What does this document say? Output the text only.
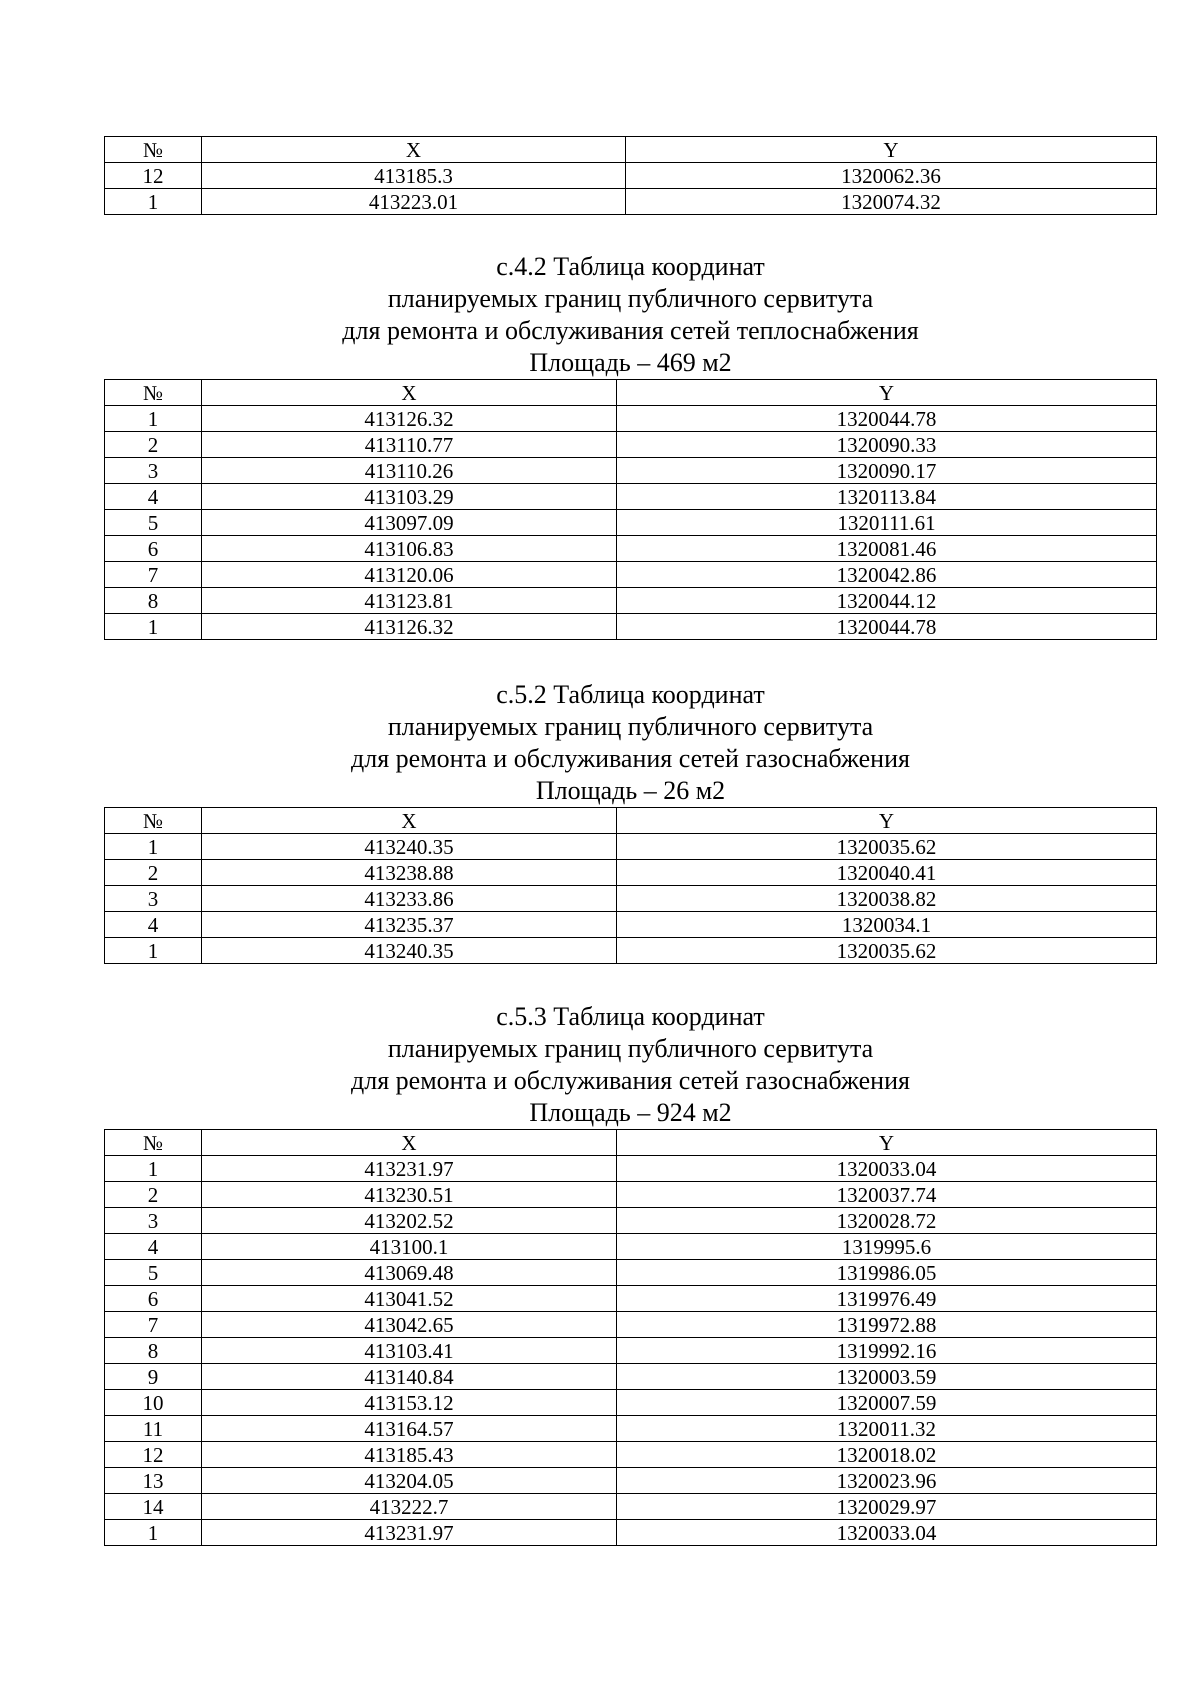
№	X	Y
12	413185.3	1320062.36
1	413223.01	1320074.32
с.4.2 Таблица координат
планируемых границ публичного сервитута
для ремонта и обслуживания сетей теплоснабжения
Площадь – 469 м2
№	X	Y
1	413126.32	1320044.78
2	413110.77	1320090.33
3	413110.26	1320090.17
4	413103.29	1320113.84
5	413097.09	1320111.61
6	413106.83	1320081.46
7	413120.06	1320042.86
8	413123.81	1320044.12
1	413126.32	1320044.78
с.5.2 Таблица координат
планируемых границ публичного сервитута
для ремонта и обслуживания сетей газоснабжения
Площадь – 26 м2
№	X	Y
1	413240.35	1320035.62
2	413238.88	1320040.41
3	413233.86	1320038.82
4	413235.37	1320034.1
1	413240.35	1320035.62
с.5.3 Таблица координат
планируемых границ публичного сервитута
для ремонта и обслуживания сетей газоснабжения
Площадь – 924 м2
№	X	Y
1	413231.97	1320033.04
2	413230.51	1320037.74
3	413202.52	1320028.72
4	413100.1	1319995.6
5	413069.48	1319986.05
6	413041.52	1319976.49
7	413042.65	1319972.88
8	413103.41	1319992.16
9	413140.84	1320003.59
10	413153.12	1320007.59
11	413164.57	1320011.32
12	413185.43	1320018.02
13	413204.05	1320023.96
14	413222.7	1320029.97
1	413231.97	1320033.04
